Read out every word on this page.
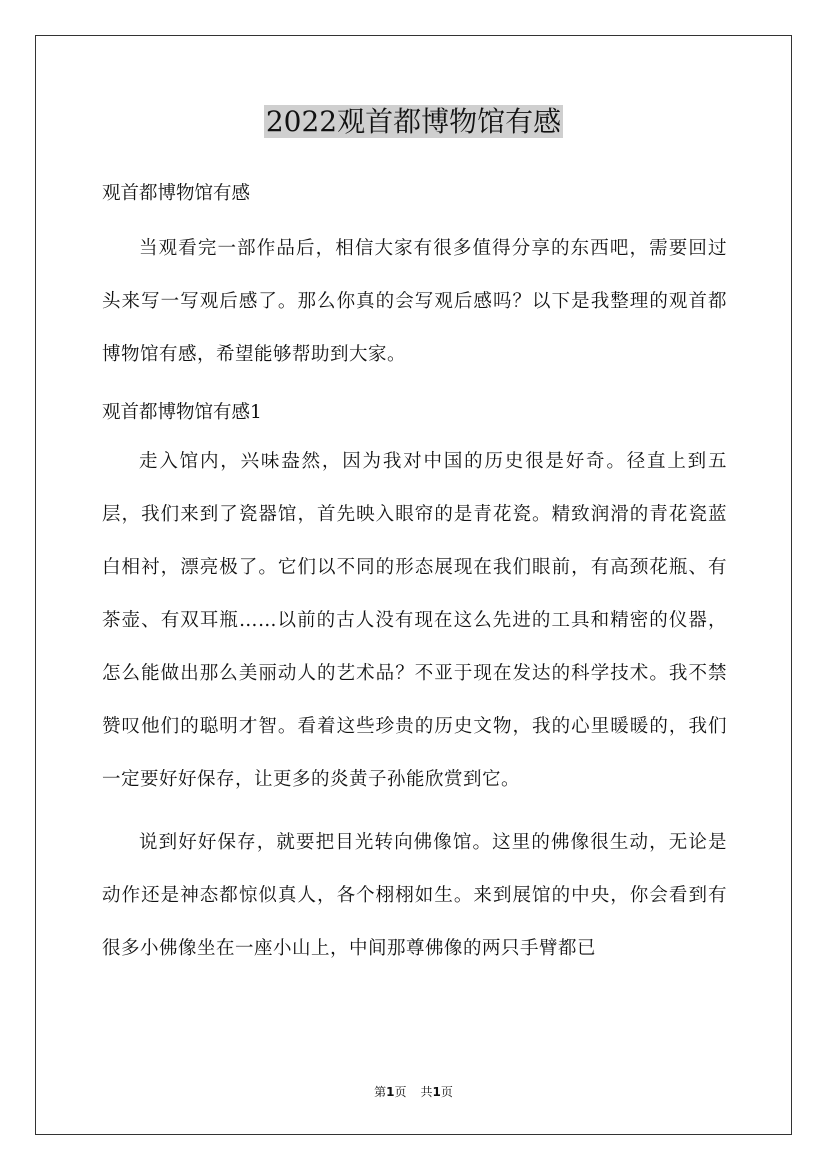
2022观首都博物馆有感

观首都博物馆有感

当观看完一部作品后，相信大家有很多值得分享的东西吧，需要回过头来写一写观后感了。那么你真的会写观后感吗？以下是我整理的观首都博物馆有感，希望能够帮助到大家。

观首都博物馆有感1

走入馆内，兴味盎然，因为我对中国的历史很是好奇。径直上到五层，我们来到了瓷器馆，首先映入眼帘的是青花瓷。精致润滑的青花瓷蓝白相衬，漂亮极了。它们以不同的形态展现在我们眼前，有高颈花瓶、有茶壶、有双耳瓶……以前的古人没有现在这么先进的工具和精密的仪器，怎么能做出那么美丽动人的艺术品？不亚于现在发达的科学技术。我不禁赞叹他们的聪明才智。看着这些珍贵的历史文物，我的心里暖暖的，我们一定要好好保存，让更多的炎黄子孙能欣赏到它。

说到好好保存，就要把目光转向佛像馆。这里的佛像很生动，无论是动作还是神态都惊似真人，各个栩栩如生。来到展馆的中央，你会看到有很多小佛像坐在一座小山上，中间那尊佛像的两只手臂都已

第1页 共1页
